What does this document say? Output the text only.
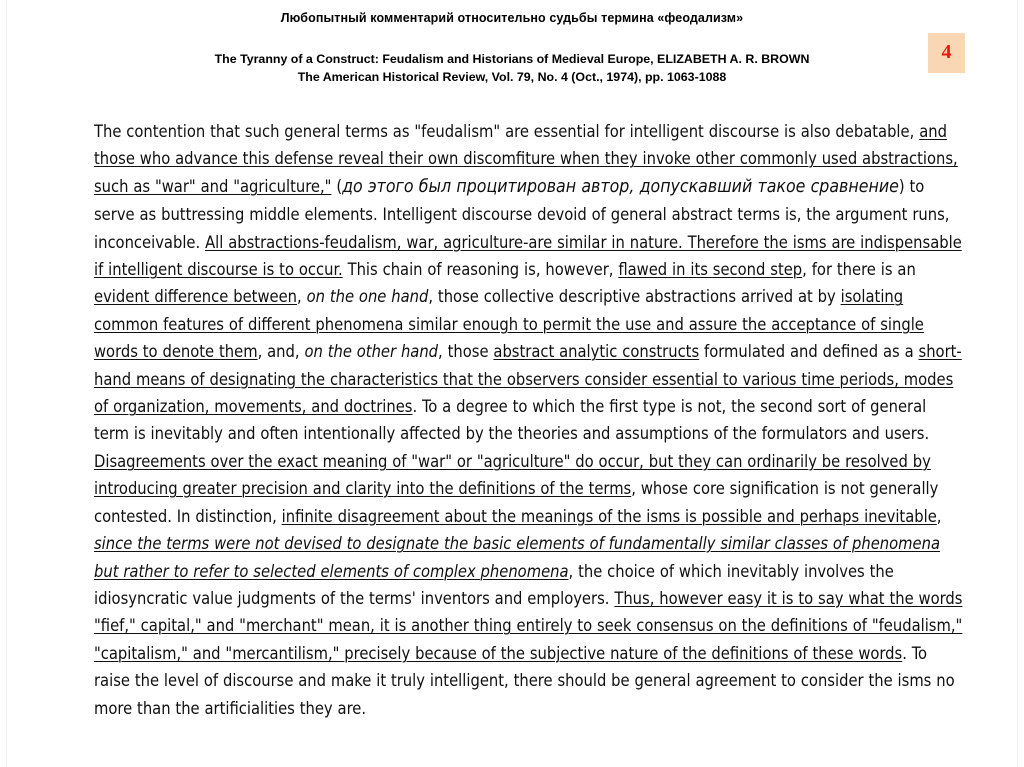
Любопытный комментарий относительно судьбы термина «феодализм»
The Tyranny of a Construct: Feudalism and Historians of Medieval Europe, ELIZABETH A. R. BROWN
The American Historical Review, Vol. 79, No. 4 (Oct., 1974), pp. 1063-1088
4
The contention that such general terms as "feudalism" are essential for intelligent discourse is also debatable, and those who advance this defense reveal their own discomfiture when they invoke other commonly used abstractions, such as "war" and "agriculture," (до этого был процитирован автор, допускавший такое сравнение) to serve as buttressing middle elements. Intelligent discourse devoid of general abstract terms is, the argument runs, inconceivable. All abstractions-feudalism, war, agriculture-are similar in nature. Therefore the isms are indispensable if intelligent discourse is to occur. This chain of reasoning is, however, flawed in its second step, for there is an evident difference between, on the one hand, those collective descriptive abstractions arrived at by isolating common features of different phenomena similar enough to permit the use and assure the acceptance of single words to denote them, and, on the other hand, those abstract analytic constructs formulated and defined as a short-hand means of designating the characteristics that the observers consider essential to various time periods, modes of organization, movements, and doctrines. To a degree to which the first type is not, the second sort of general term is inevitably and often intentionally affected by the theories and assumptions of the formulators and users. Disagreements over the exact meaning of "war" or "agriculture" do occur, but they can ordinarily be resolved by introducing greater precision and clarity into the definitions of the terms, whose core signification is not generally contested. In distinction, infinite disagreement about the meanings of the isms is possible and perhaps inevitable, since the terms were not devised to designate the basic elements of fundamentally similar classes of phenomena but rather to refer to selected elements of complex phenomena, the choice of which inevitably involves the idiosyncratic value judgments of the terms' inventors and employers. Thus, however easy it is to say what the words "fief," capital," and "merchant" mean, it is another thing entirely to seek consensus on the definitions of "feudalism," "capitalism," and "mercantilism," precisely because of the subjective nature of the definitions of these words. To raise the level of discourse and make it truly intelligent, there should be general agreement to consider the isms no more than the artificialities they are.
